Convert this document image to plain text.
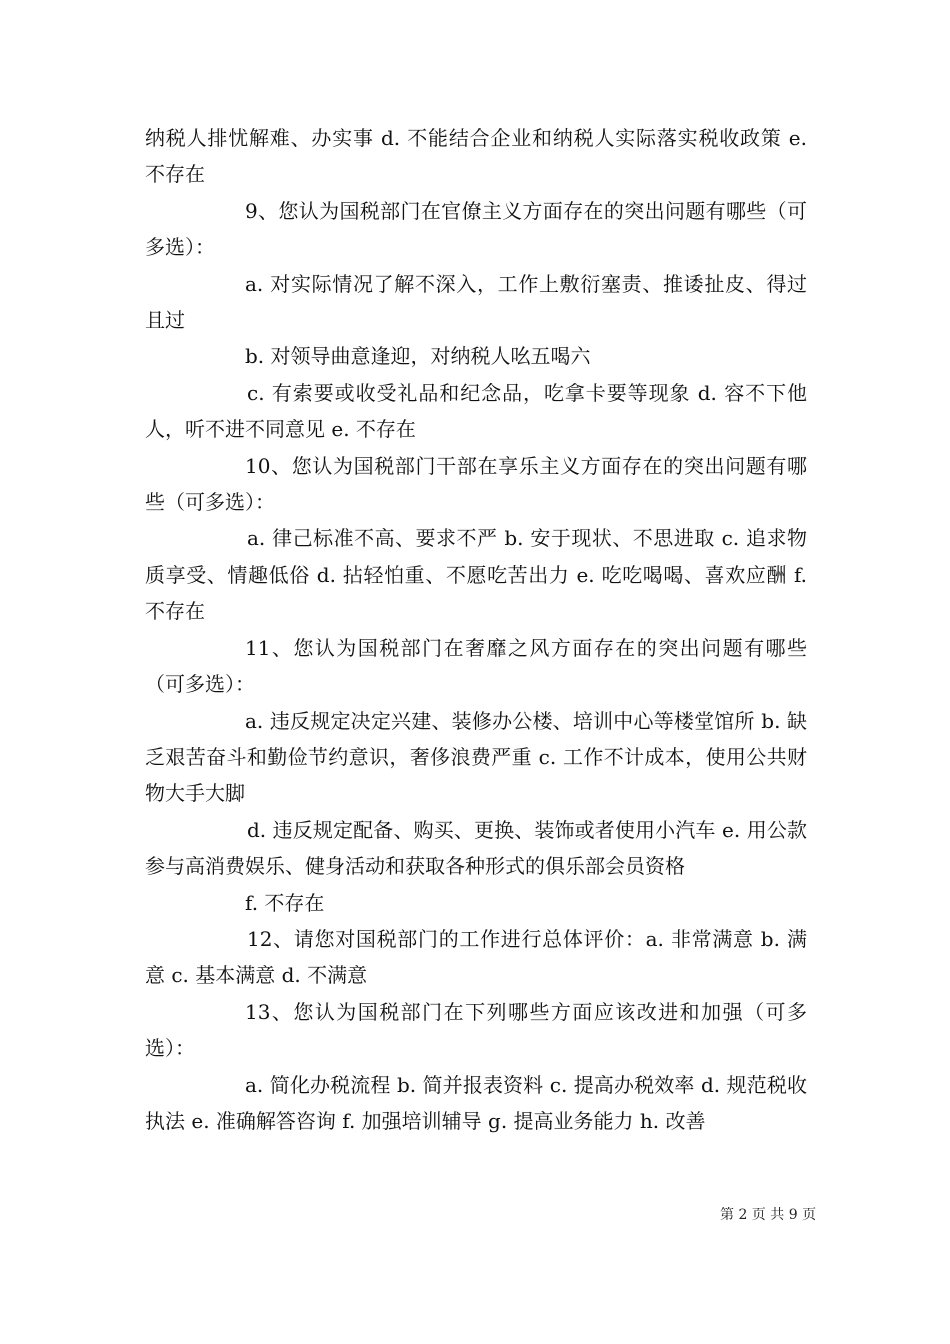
纳税人排忧解难、办实事 d. 不能结合企业和纳税人实际落实税收政策 e. 不存在

9、您认为国税部门在官僚主义方面存在的突出问题有哪些（可多选）：

a. 对实际情况了解不深入，工作上敷衍塞责、推诿扯皮、得过且过

b. 对领导曲意逢迎，对纳税人吆五喝六

c. 有索要或收受礼品和纪念品，吃拿卡要等现象 d. 容不下他人，听不进不同意见 e. 不存在

10、您认为国税部门干部在享乐主义方面存在的突出问题有哪些（可多选）：

a. 律己标准不高、要求不严 b. 安于现状、不思进取 c. 追求物质享受、情趣低俗 d. 拈轻怕重、不愿吃苦出力 e. 吃吃喝喝、喜欢应酬 f. 不存在

11、您认为国税部门在奢靡之风方面存在的突出问题有哪些（可多选）：

a. 违反规定决定兴建、装修办公楼、培训中心等楼堂馆所 b. 缺乏艰苦奋斗和勤俭节约意识，奢侈浪费严重 c. 工作不计成本，使用公共财物大手大脚

d. 违反规定配备、购买、更换、装饰或者使用小汽车 e. 用公款参与高消费娱乐、健身活动和获取各种形式的俱乐部会员资格

f. 不存在

12、请您对国税部门的工作进行总体评价：a. 非常满意 b. 满意 c. 基本满意 d. 不满意

13、您认为国税部门在下列哪些方面应该改进和加强（可多选）：

a. 简化办税流程 b. 简并报表资料 c. 提高办税效率 d. 规范税收执法 e. 准确解答咨询 f. 加强培训辅导 g. 提高业务能力 h. 改善

第 2 页 共 9 页
